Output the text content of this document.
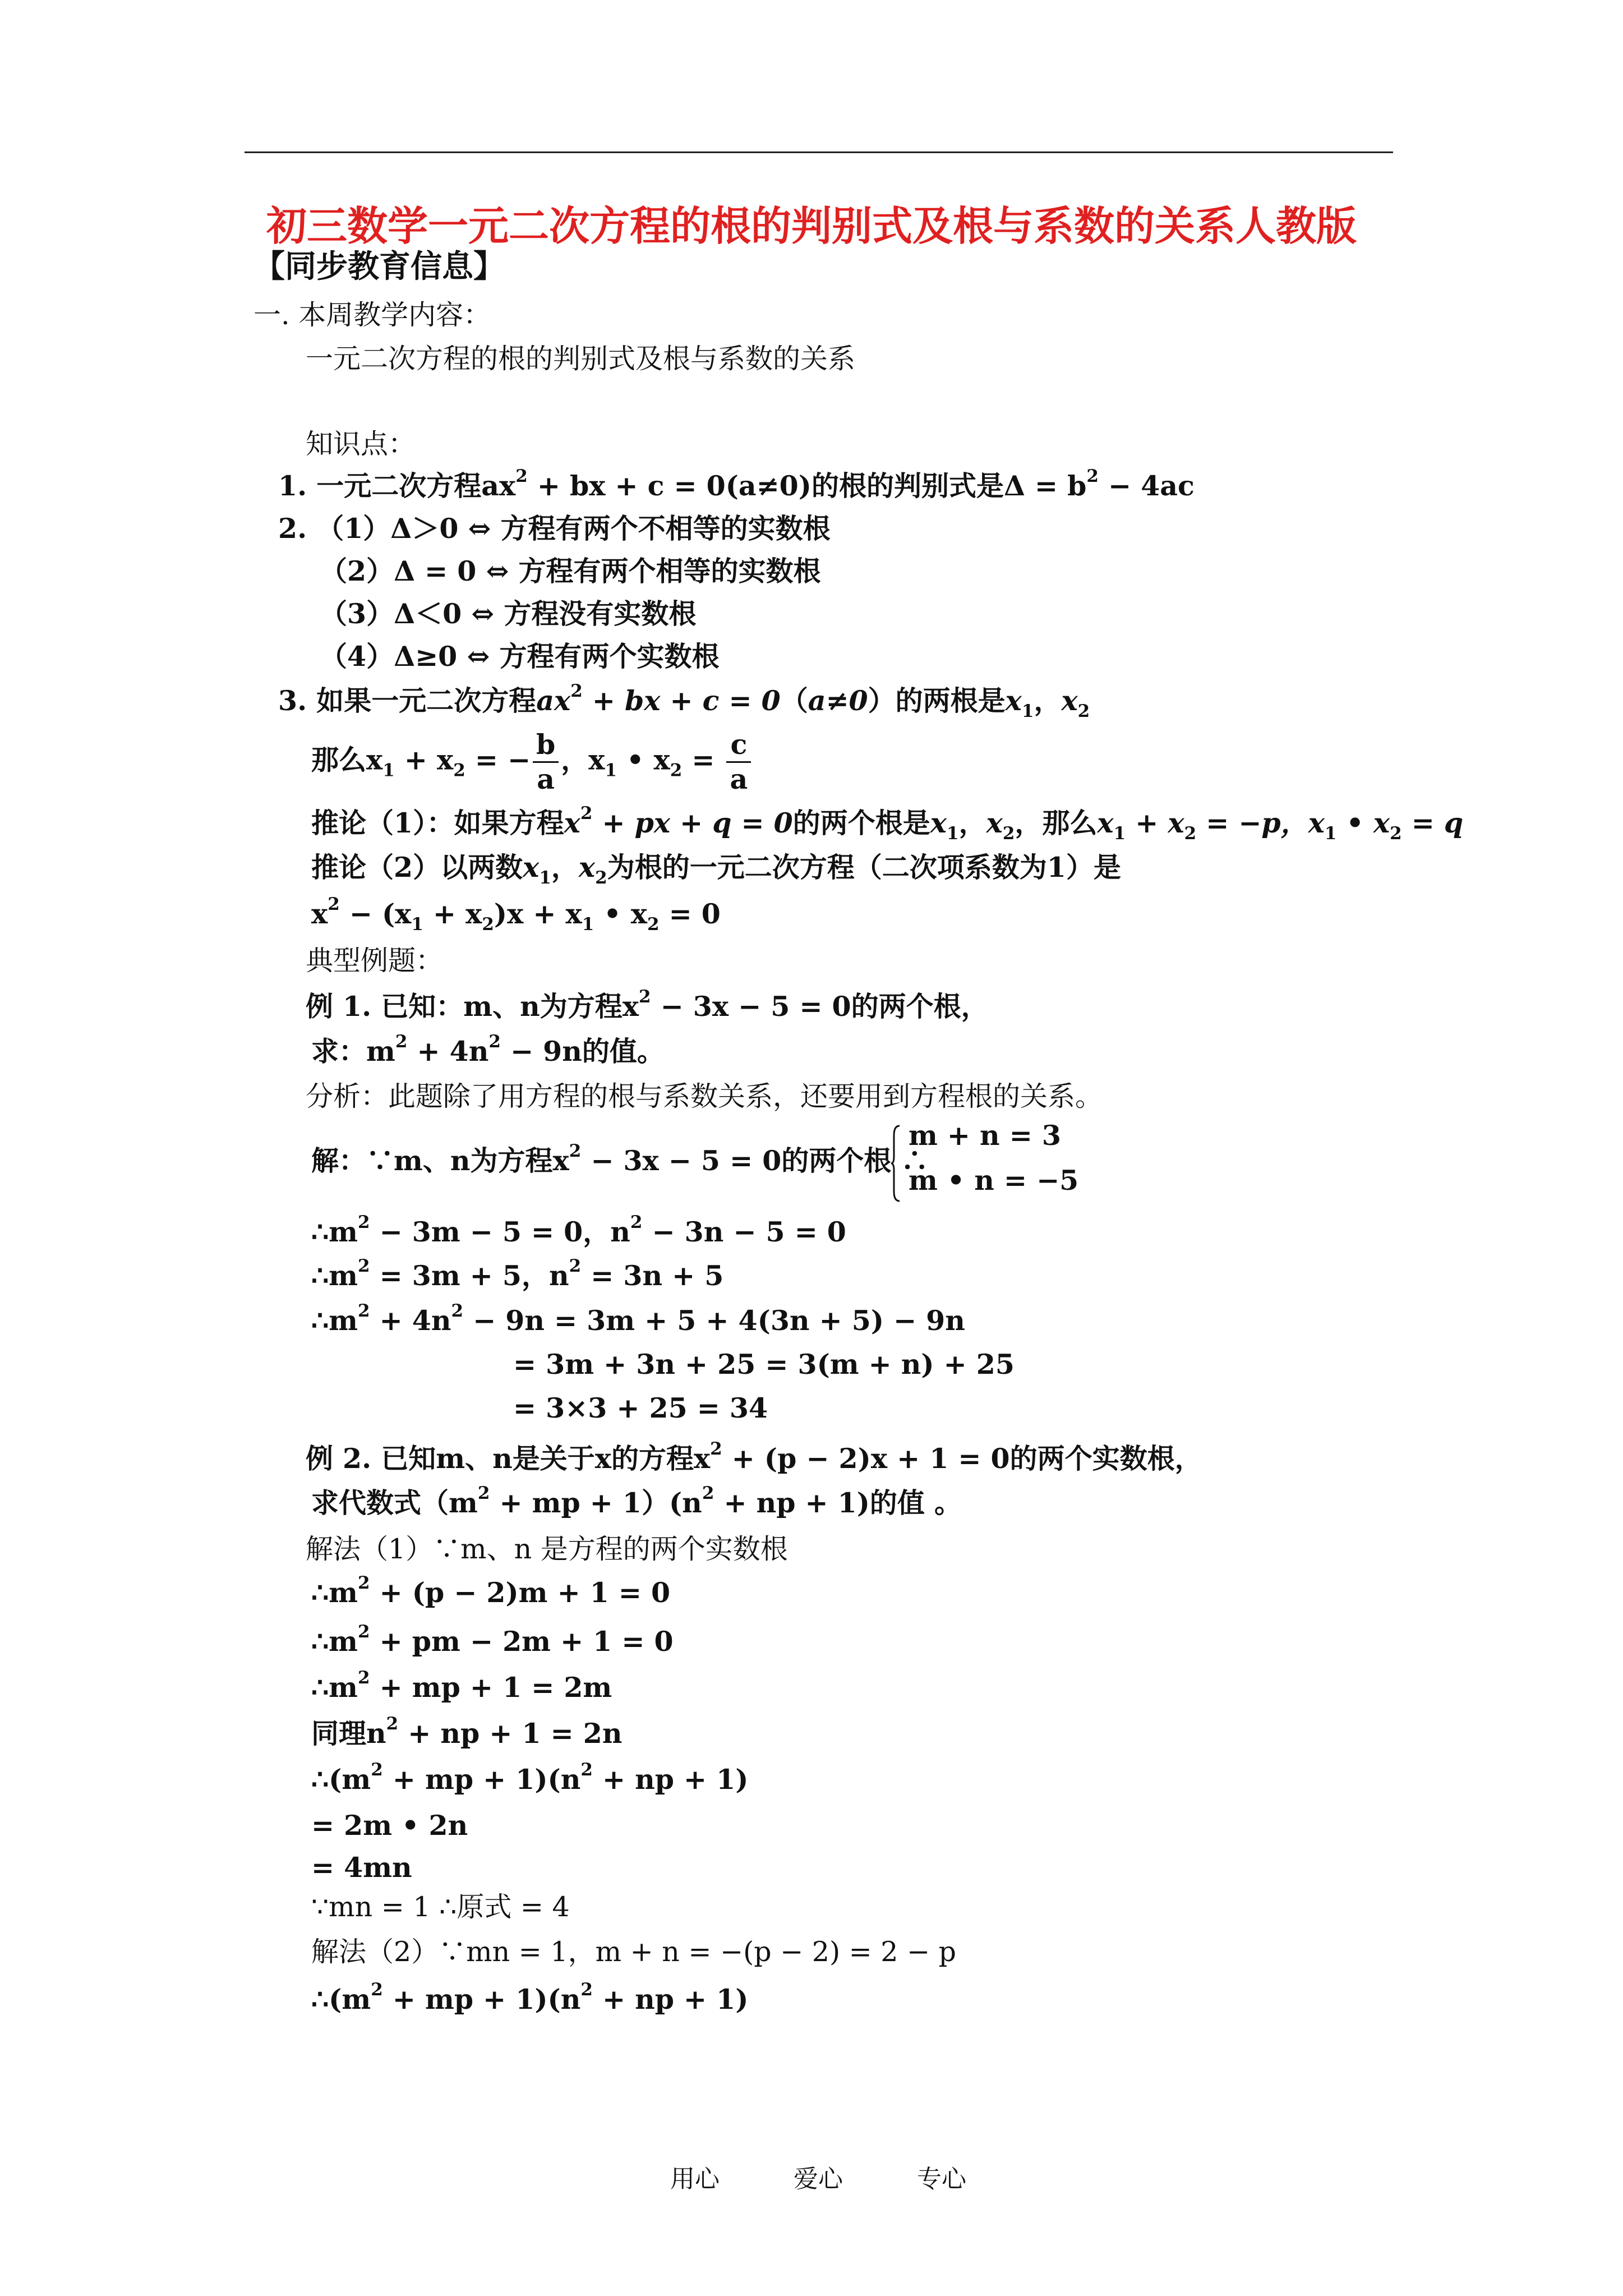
初三数学一元二次方程的根的判别式及根与系数的关系人教版
【同步教育信息】
一. 本周教学内容：
一元二次方程的根的判别式及根与系数的关系
知识点：
1. 一元二次方程$ax^2$ + bx + c = 0(a≠0)的根的判别式是$\Delta = b^2 - 4ac$
2. （1）Δ＞0 ⇔ 方程有两个不相等的实数根
（2）Δ = 0 ⇔ 方程有两个相等的实数根
（3）Δ＜0 ⇔ 方程没有实数根
（4）Δ≥0 ⇔ 方程有两个实数根
3. 如果一元二次方程$ax^2$ + bx + c = 0（a≠0）的两根是$x_1$，$x_2$
那么$x_1 + x_2$ = − $\frac{b}{a}$ ，$x_1$ • $x_2 = \frac{c}{a}$
推论（1）：如果方程$x^2$ + px + q = 0的两个根是$x_1$，$x_2$，那么$x_1 + x_2 = -p$，$x_1$ • $x_2 = q$
推论（2）以两数$x_1$，$x_2$为根的一元二次方程（二次项系数为1）是
$x^2 - (x_1 + x_2)x + x_1$ • $x_2 = 0$
典型例题：
例 1. 已知：m、n为方程$x^2 - 3x - 5 = 0$的两个根，
求：$m^2 + 4n^2 - 9n$的值。
分析：此题除了用方程的根与系数关系，还要用到方程根的关系。
解：∵m、n为方程$x^2 - 3x - 5 = 0$的两个根 ∴
m + n = 3
m • n = −5
$\therefore m^2 - 3m - 5 = 0$，$n^2 - 3n - 5 = 0$
$\therefore m^2 = 3m + 5$，$n^2 = 3n + 5$
$\therefore m^2 + 4n^2 - 9n = 3m + 5 + 4(3n + 5) - 9n$
= 3m + 3n + 25 = 3(m + n) + 25
= 3×3 + 25 = 34
例 2. 已知m、n是关于x的方程$x^2 + (p - 2)x + 1 = 0$的两个实数根，
求代数式（$m^2$ + mp + $1)(n^2$ + np + 1)的值 。
解法（1）∵m、n 是方程的两个实数根
$\therefore m^2 + (p - 2)m + 1 = 0$
$\therefore m^2$ + pm − 2m + 1 = 0
$\therefore m^2$ + mp + 1 = 2m
同理$n^2$ + np + 1 = 2n
$\therefore(m^2$ + mp + $1)(n^2$ + np + 1)
= 2m • 2n
= 4mn
∵mn = 1 ∴原式 = 4
解法（2）∵mn = 1，m + n = −(p − 2) = 2 − p
$\therefore(m^2$ + mp + $1)(n^2$ + np + 1)
用心	爱心	专心
